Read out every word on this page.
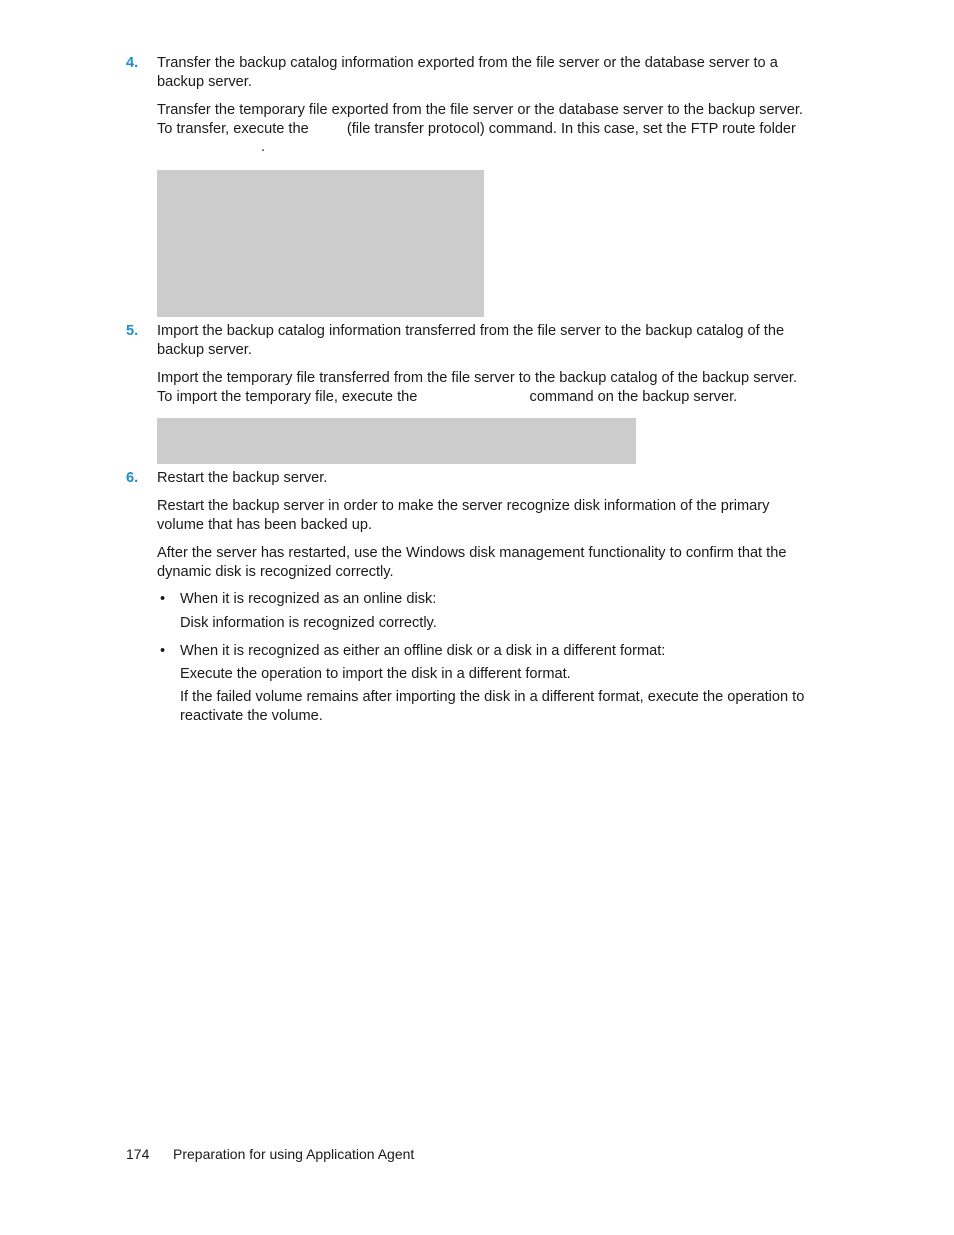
4. Transfer the backup catalog information exported from the file server or the database server to a backup server.
Transfer the temporary file exported from the file server or the database server to the backup server. To transfer, execute the	(file transfer protocol) command. In this case, set the FTP route folder .
5. Import the backup catalog information transferred from the file server to the backup catalog of the backup server.
Import the temporary file transferred from the file server to the backup catalog of the backup server. To import the temporary file, execute the	command on the backup server.
6. Restart the backup server.
Restart the backup server in order to make the server recognize disk information of the primary volume that has been backed up.
After the server has restarted, use the Windows disk management functionality to confirm that the dynamic disk is recognized correctly.
• When it is recognized as an online disk:
Disk information is recognized correctly.
• When it is recognized as either an offline disk or a disk in a different format:
Execute the operation to import the disk in a different format.
If the failed volume remains after importing the disk in a different format, execute the operation to reactivate the volume.
174 Preparation for using Application Agent
